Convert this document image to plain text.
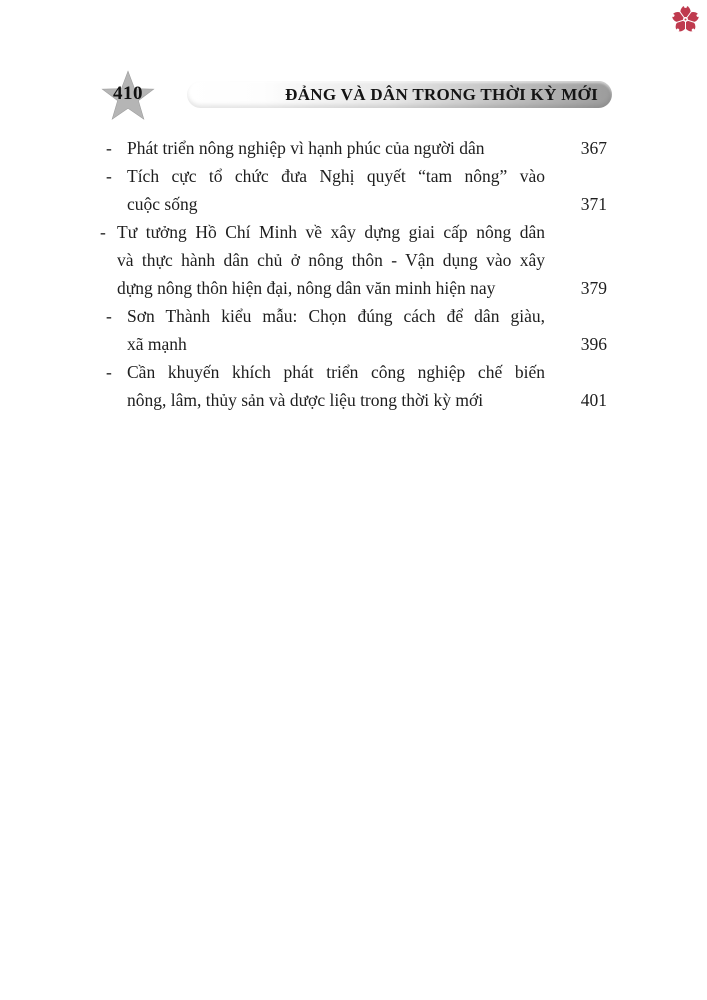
410	ĐẢNG VÀ DÂN TRONG THỜI KỲ MỚI
- Phát triển nông nghiệp vì hạnh phúc của người dân	367
- Tích cực tổ chức đưa Nghị quyết “tam nông” vào
cuộc sống	371
- Tư tưởng Hồ Chí Minh về xây dựng giai cấp nông dân
và thực hành dân chủ ở nông thôn - Vận dụng vào xây
dựng nông thôn hiện đại, nông dân văn minh hiện nay	379
- Sơn Thành kiểu mẫu: Chọn đúng cách để dân giàu,
xã mạnh	396
- Cần khuyến khích phát triển công nghiệp chế biến
nông, lâm, thủy sản và dược liệu trong thời kỳ mới	401
